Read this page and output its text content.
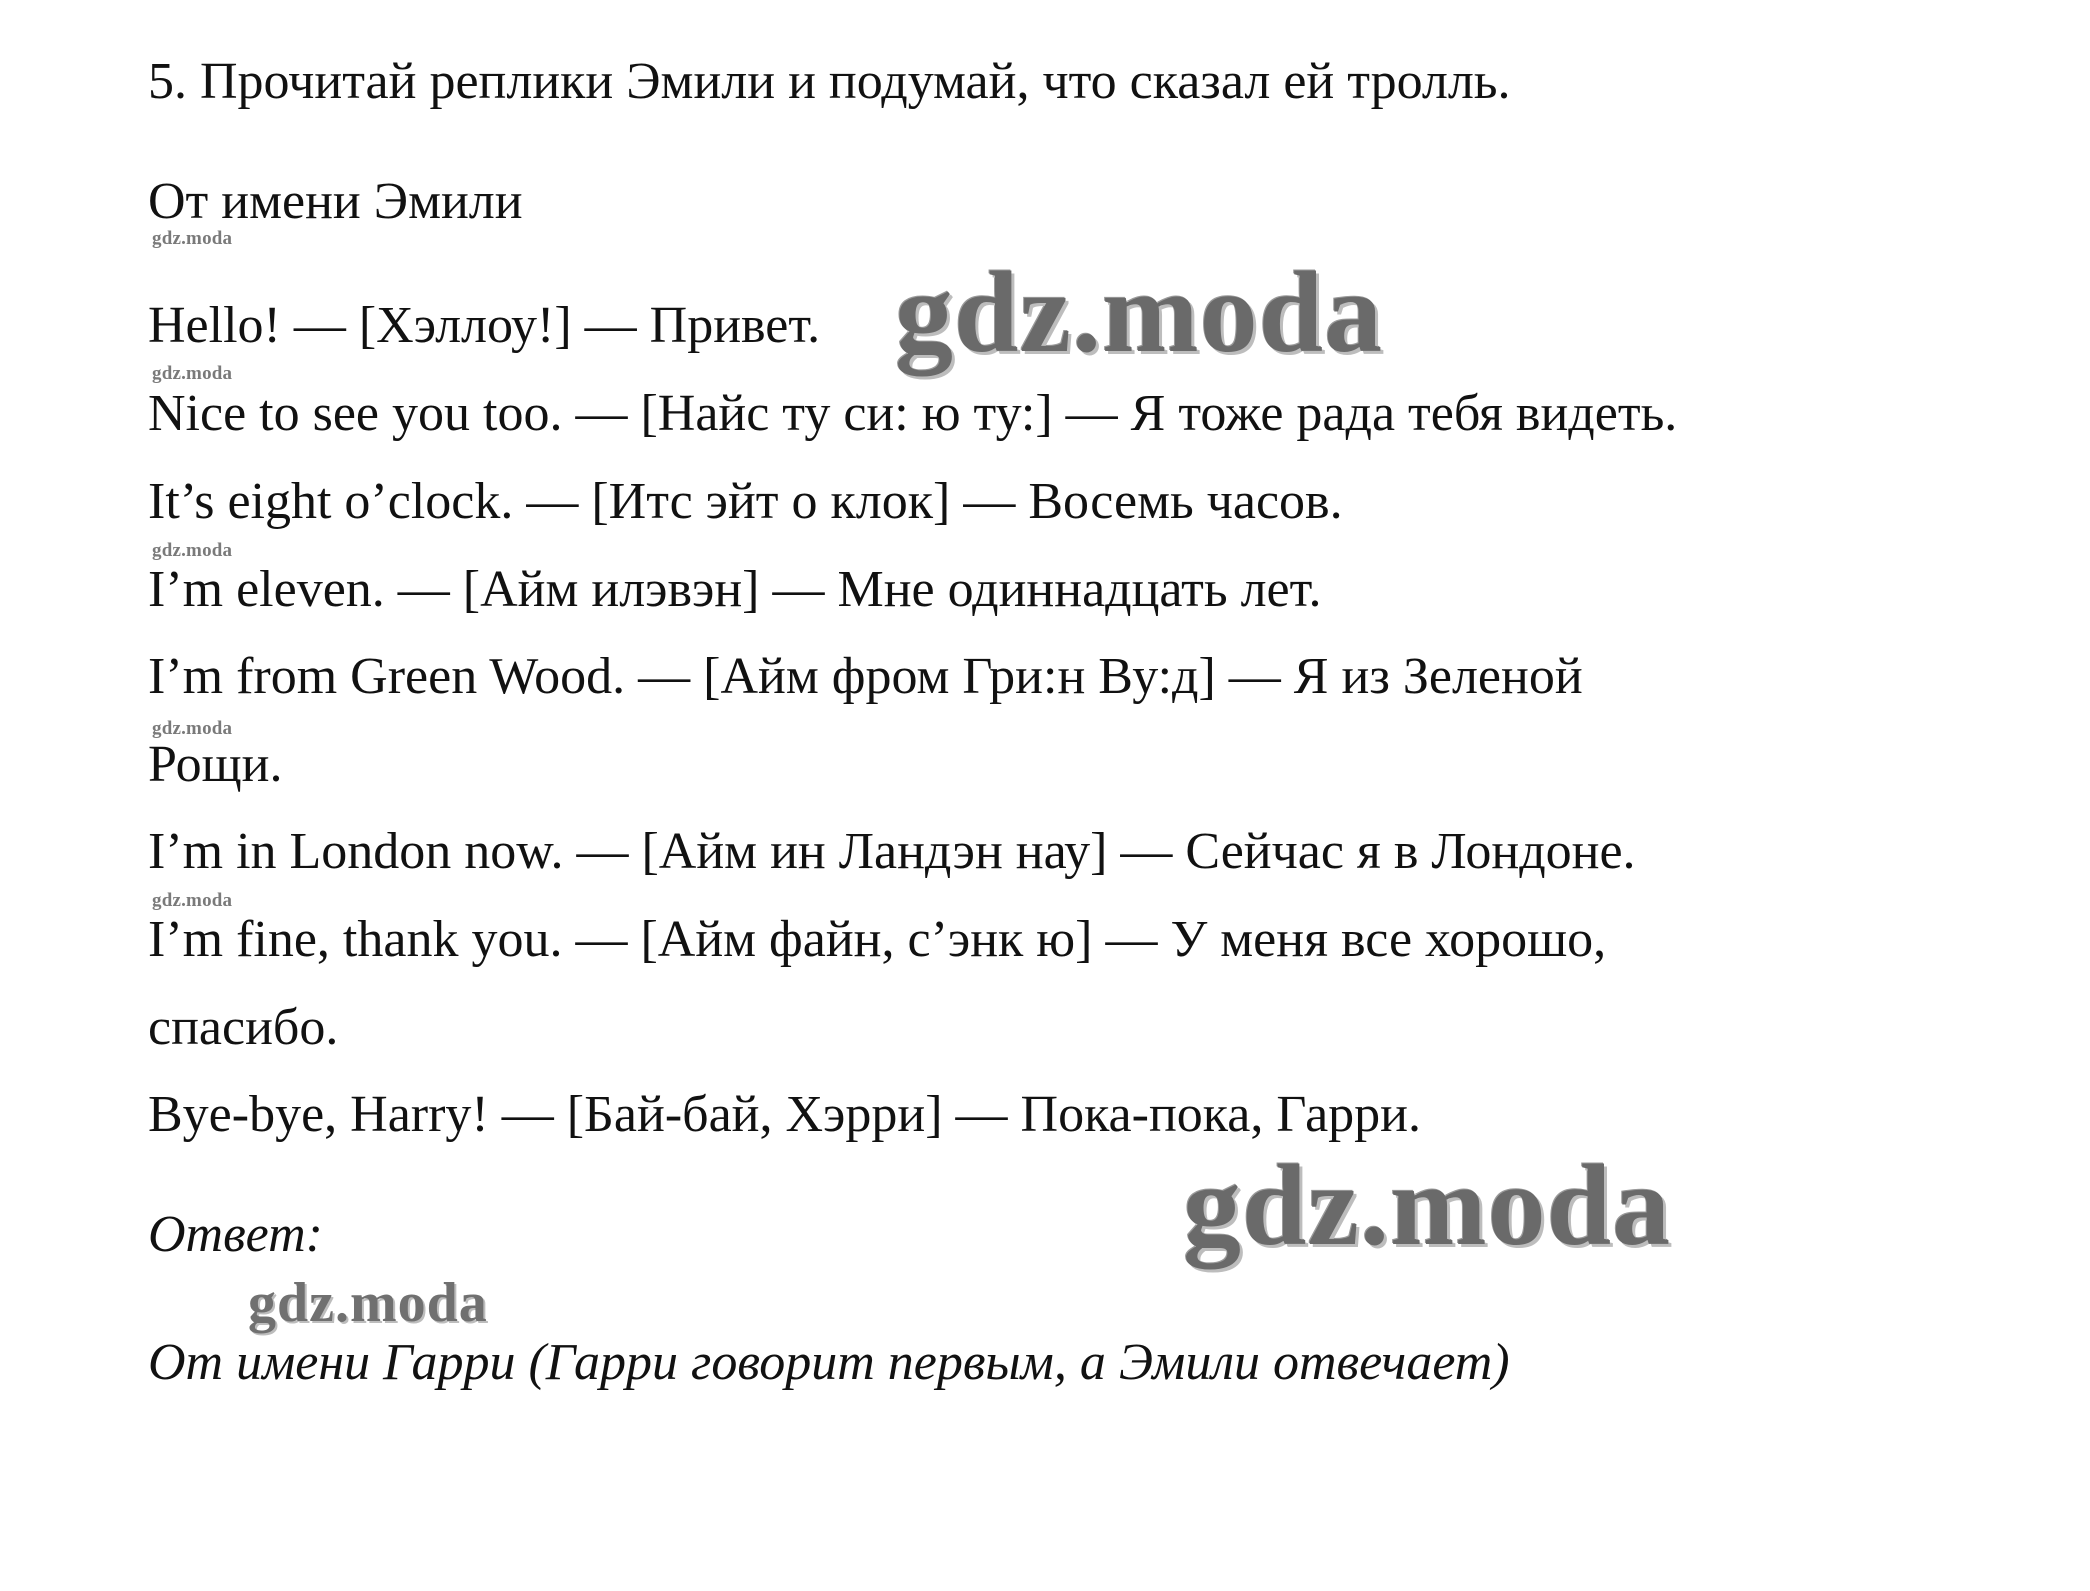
5. Прочитай реплики Эмили и подумай, что сказал ей тролль.
От имени Эмили
gdz.moda
Hello! — [Хэллоу!] — Привет.
gdz.moda
Nice to see you too. — [Найс ту си: ю ту:] — Я тоже рада тебя видеть.
It’s eight o’clock. — [Итс эйт о клок] — Восемь часов.
gdz.moda
I’m eleven. — [Айм илэвэн] — Мне одиннадцать лет.
I’m from Green Wood. — [Айм фром Гри:н Ву:д] — Я из Зеленой
gdz.moda
Рощи.
I’m in London now. — [Айм ин Ландэн нау] — Сейчас я в Лондоне.
gdz.moda
I’m fine, thank you. — [Айм файн, с’энк ю] — У меня все хорошо,
спасибо.
Bye-bye, Harry! — [Бай-бай, Хэрри] — Пока-пока, Гарри.
Ответ:
От имени Гарри (Гарри говорит первым, а Эмили отвечает)
gdz.moda
gdz.moda
gdz.moda
